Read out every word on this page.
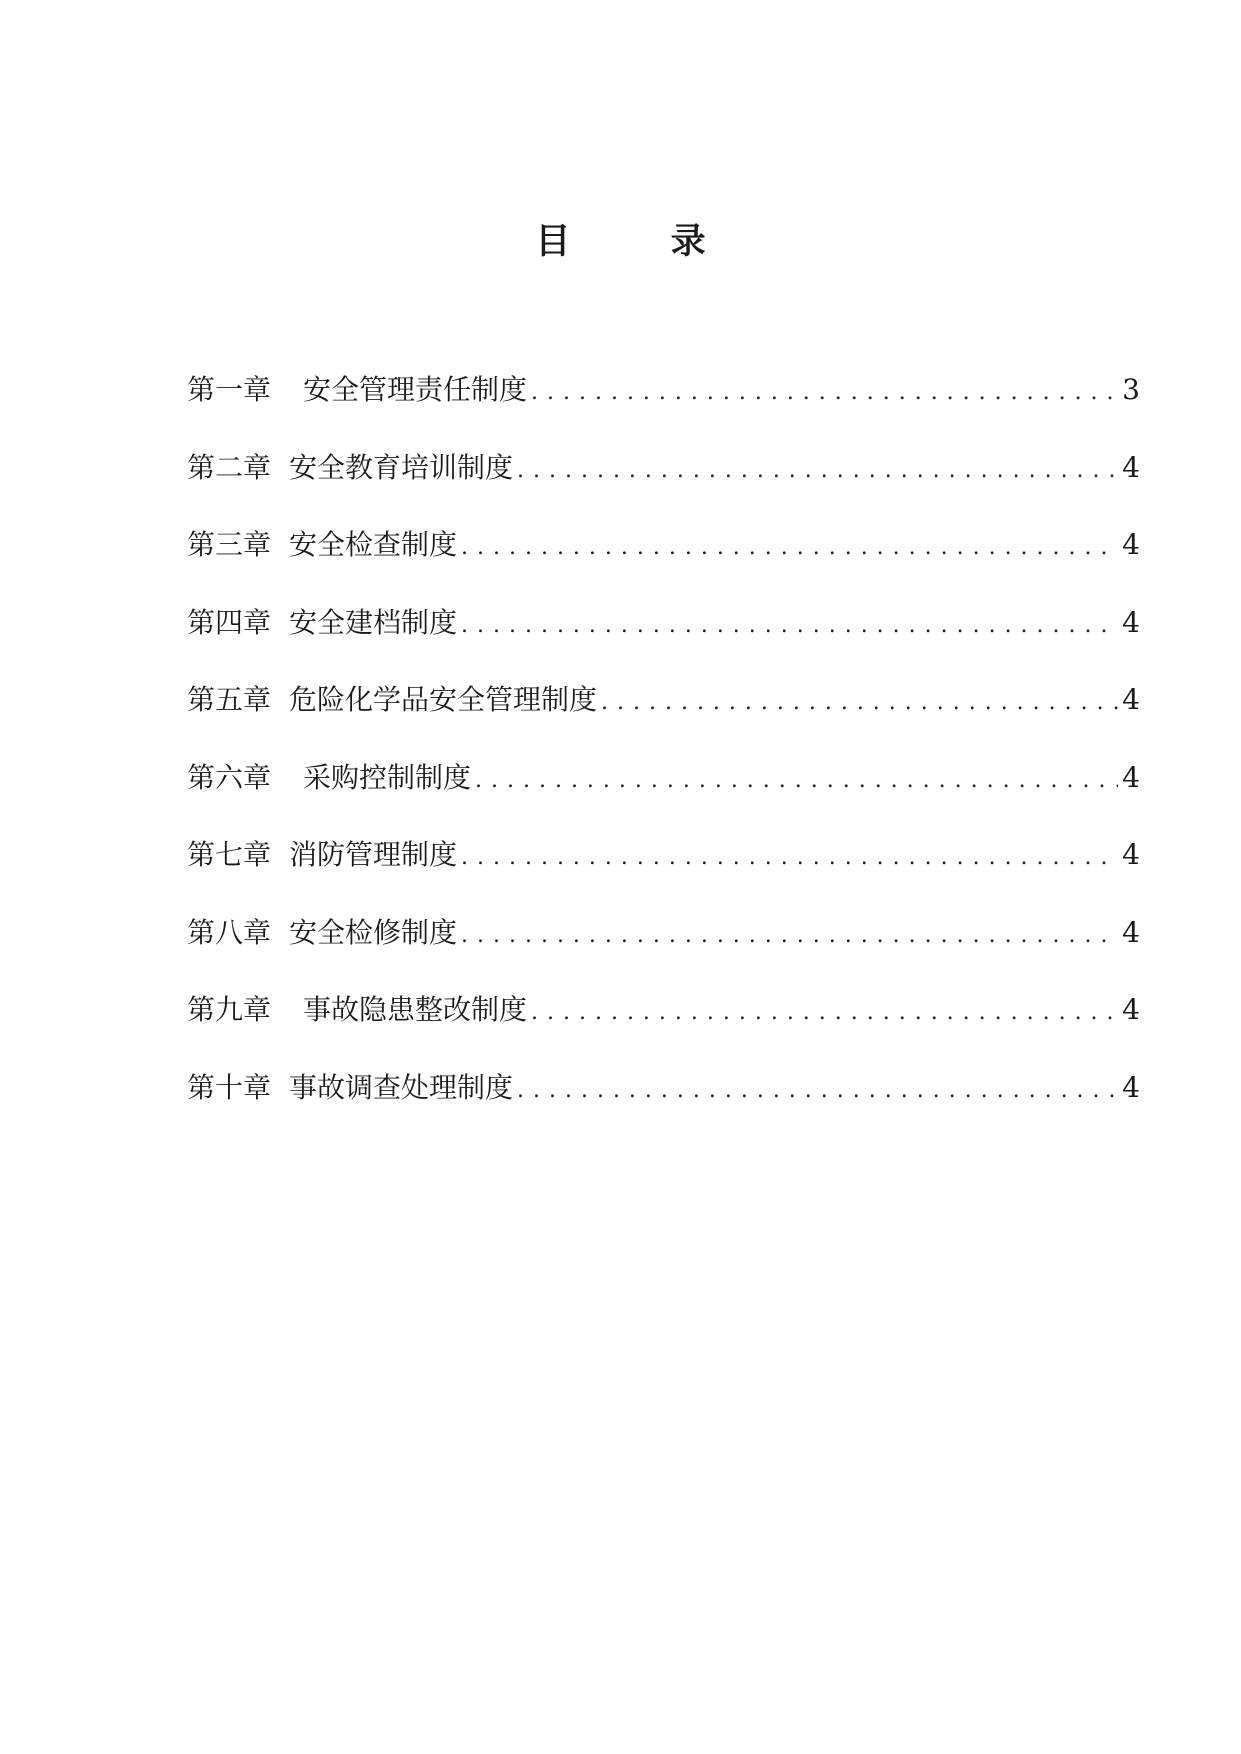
目 录
第一章 安全管理责任制度 . . .	3
第二章 安全教育培训制度 . . .	4
第三章 安全检查制度 . . .	4
第四章 安全建档制度 . . .	4
第五章 危险化学品安全管理制度 . . .	4
第六章 采购控制制度 . . .	4
第七章 消防管理制度 . . .	4
第八章 安全检修制度 . . .	4
第九章 事故隐患整改制度 . . .	4
第十章 事故调查处理制度 . . .	4
